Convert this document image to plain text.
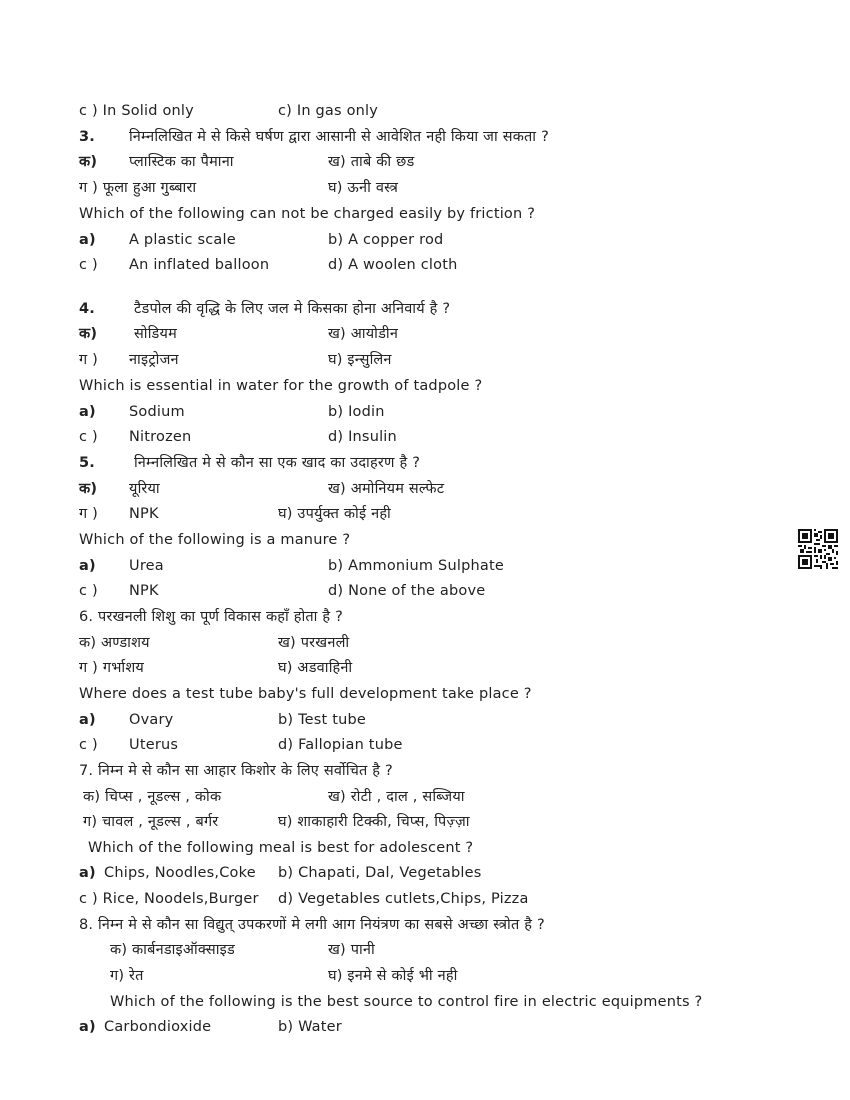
c ) In Solid only	c) In gas only
3. निम्नलिखित मे से किसे घर्षण द्वारा आसानी से आवेशित नही किया जा सकता ?
क) प्लास्टिक का पैमाना	ख) ताबे की छड
ग ) फूला हुआ गुब्बारा	घ) ऊनी वस्त्र
Which of the following can not be charged easily by friction ?
a) A plastic scale	b) A copper rod
c ) An inflated balloon	d) A woolen cloth
4.	टैडपोल की वृद्धि के लिए जल मे किसका होना अनिवार्य है ?
क)	सोडियम	ख) आयोडीन
ग ) नाइट्रोजन	घ) इन्सुलिन
Which is essential in water for the growth of tadpole ?
a) Sodium	b) Iodin
c ) Nitrozen	d) Insulin
5.	निम्नलिखित मे से कौन सा एक खाद का उदाहरण है ?
क) यूरिया	ख) अमोनियम सल्फेट
ग ) NPK	घ) उपर्युक्त कोई नही
Which of the following is a manure ?
a) Urea	b) Ammonium Sulphate
c ) NPK	d) None of the above
6. परखनली शिशु का पूर्ण विकास कहाँ होता है ?
क) अण्डाशय	ख) परखनली
ग ) गर्भाशय	घ) अडवाहिनी
Where does a test tube baby's full development take place ?
a) Ovary	b) Test tube
c ) Uterus	d) Fallopian tube
7. निम्न मे से कौन सा आहार किशोर के लिए सर्वोचित है ?
क) चिप्स , नूडल्स , कोक	ख) रोटी , दाल , सब्जिया
ग) चावल , नूडल्स , बर्गर	घ) शाकाहारी टिक्की, चिप्स, पिज़्ज़ा
Which of the following meal is best for adolescent ?
a) Chips, Noodles,Coke b) Chapati, Dal, Vegetables
c ) Rice, Noodels,Burger d) Vegetables cutlets,Chips, Pizza
8. निम्न मे से कौन सा विद्युत् उपकरणों मे लगी आग नियंत्रण का सबसे अच्छा स्त्रोत है ?
क) कार्बनडाइऑक्साइड	ख) पानी
ग) रेत	घ) इनमे से कोई भी नही
Which of the following is the best source to control fire in electric equipments ?
a) Carbondioxide	b) Water
